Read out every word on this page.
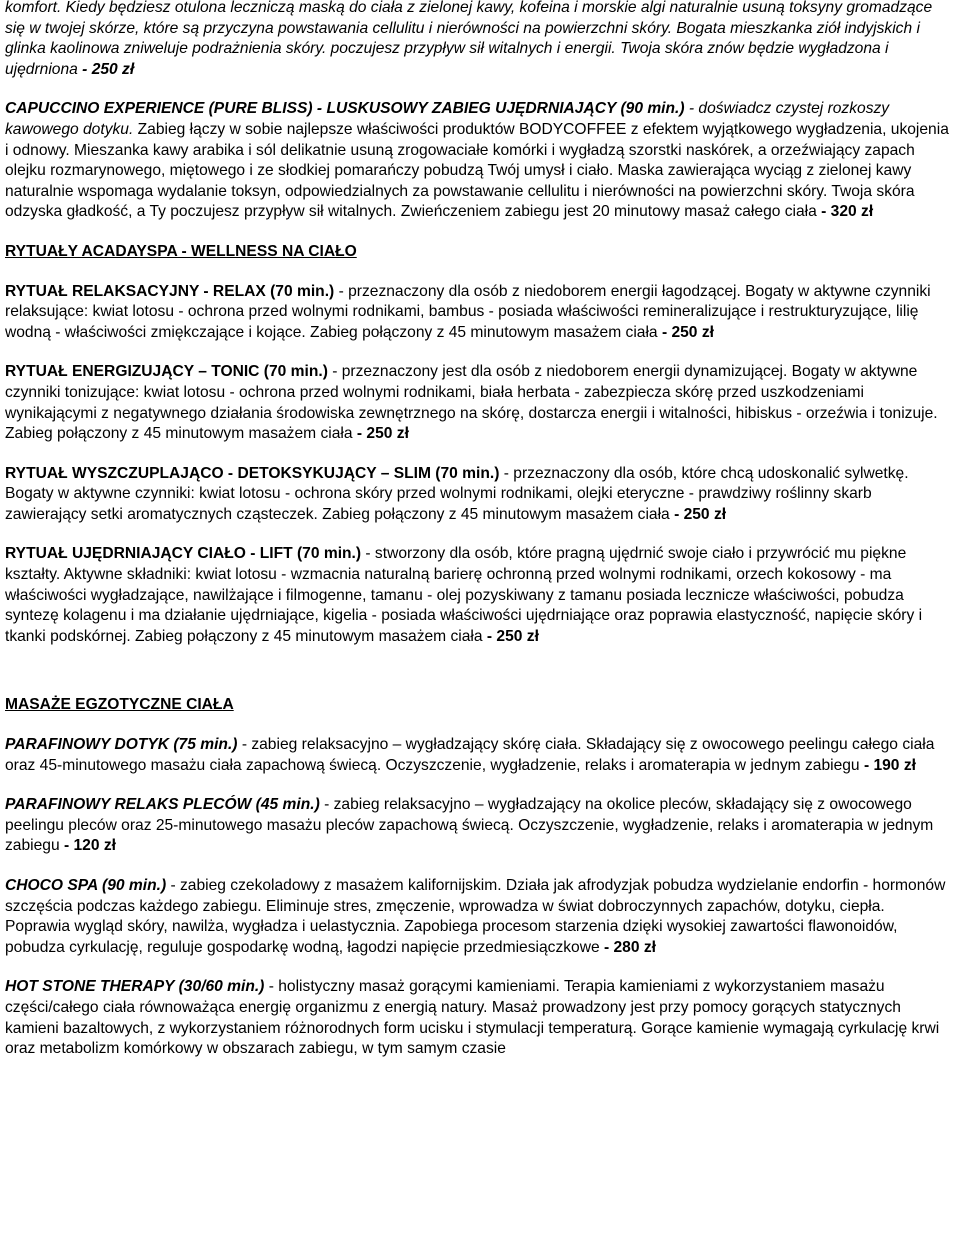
komfort. Kiedy będziesz otulona leczniczą maską do ciała z zielonej kawy, kofeina i morskie algi naturalnie usuną toksyny gromadzące się w twojej skórze, które są przyczyna powstawania cellulitu i nierówności na powierzchni skóry. Bogata mieszkanka ziół indyjskich i glinka kaolinowa zniweluje podrażnienia skóry. poczujesz przypływ sił witalnych i energii. Twoja skóra znów będzie wygładzona i ujędrniona - 250 zł

CAPUCCINO EXPERIENCE (PURE BLISS) - LUSKUSOWY ZABIEG UJĘDRNIAJĄCY (90 min.) - doświadcz czystej rozkoszy kawowego dotyku. Zabieg łączy w sobie najlepsze właściwości produktów BODYCOFFEE z efektem wyjątkowego wygładzenia, ukojenia i odnowy. Mieszanka kawy arabika i sól delikatnie usuną zrogowaciałe komórki i wygładzą szorstki naskórek, a orzeźwiający zapach olejku rozmarynowego, miętowego i ze słodkiej pomarańczy pobudzą Twój umysł i ciało. Maska zawierająca wyciąg z zielonej kawy naturalnie wspomaga wydalanie toksyn, odpowiedzialnych za powstawanie cellulitu i nierówności na powierzchni skóry. Twoja skóra odzyska gładkość, a Ty poczujesz przypływ sił witalnych. Zwieńczeniem zabiegu jest 20 minutowy masaż całego ciała - 320 zł

RYTUAŁY ACADAYSPA - WELLNESS NA CIAŁO

RYTUAŁ RELAKSACYJNY - RELAX (70 min.) - przeznaczony dla osób z niedoborem energii łagodzącej. Bogaty w aktywne czynniki relaksujące: kwiat lotosu - ochrona przed wolnymi rodnikami, bambus - posiada właściwości remineralizujące i restrukturyzujące, lilię wodną - właściwości zmiękczające i kojące. Zabieg połączony z 45 minutowym masażem ciała - 250 zł

RYTUAŁ ENERGIZUJĄCY – TONIC (70 min.) - przeznaczony jest dla osób z niedoborem energii dynamizującej. Bogaty w aktywne czynniki tonizujące: kwiat lotosu - ochrona przed wolnymi rodnikami, biała herbata - zabezpiecza skórę przed uszkodzeniami wynikającymi z negatywnego działania środowiska zewnętrznego na skórę, dostarcza energii i witalności, hibiskus - orzeźwia i tonizuje. Zabieg połączony z 45 minutowym masażem ciała - 250 zł

RYTUAŁ WYSZCZUPLAJĄCO - DETOKSYKUJĄCY – SLIM (70 min.) - przeznaczony dla osób, które chcą udoskonalić sylwetkę. Bogaty w aktywne czynniki: kwiat lotosu - ochrona skóry przed wolnymi rodnikami, olejki eteryczne - prawdziwy roślinny skarb zawierający setki aromatycznych cząsteczek. Zabieg połączony z 45 minutowym masażem ciała - 250 zł

RYTUAŁ UJĘDRNIAJĄCY CIAŁO - LIFT (70 min.) - stworzony dla osób, które pragną ujędrnić swoje ciało i przywrócić mu piękne kształty. Aktywne składniki: kwiat lotosu - wzmacnia naturalną barierę ochronną przed wolnymi rodnikami, orzech kokosowy - ma właściwości wygładzające, nawilżające i filmogenne, tamanu - olej pozyskiwany z tamanu posiada lecznicze właściwości, pobudza syntezę kolagenu i ma działanie ujędrniające, kigelia - posiada właściwości ujędrniające oraz poprawia elastyczność, napięcie skóry i tkanki podskórnej. Zabieg połączony z 45 minutowym masażem ciała - 250 zł

MASAŻE EGZOTYCZNE CIAŁA

PARAFINOWY DOTYK (75 min.) - zabieg relaksacyjno – wygładzający skórę ciała. Składający się z owocowego peelingu całego ciała oraz 45-minutowego masażu ciała zapachową świecą. Oczyszczenie, wygładzenie, relaks i aromaterapia w jednym zabiegu - 190 zł

PARAFINOWY RELAKS PLECÓW (45 min.) - zabieg relaksacyjno – wygładzający na okolice pleców, składający się z owocowego peelingu pleców oraz 25-minutowego masażu pleców zapachową świecą. Oczyszczenie, wygładzenie, relaks i aromaterapia w jednym zabiegu - 120 zł

CHOCO SPA (90 min.) - zabieg czekoladowy z masażem kalifornijskim. Działa jak afrodyzjak pobudza wydzielanie endorfin - hormonów szczęścia podczas każdego zabiegu. Eliminuje stres, zmęczenie, wprowadza w świat dobroczynnych zapachów, dotyku, ciepła. Poprawia wygląd skóry, nawilża, wygładza i uelastycznia. Zapobiega procesom starzenia dzięki wysokiej zawartości flawonoidów, pobudza cyrkulację, reguluje gospodarkę wodną, łagodzi napięcie przedmiesiączkowe - 280 zł

HOT STONE THERAPY (30/60 min.) - holistyczny masaż gorącymi kamieniami. Terapia kamieniami z wykorzystaniem masażu części/całego ciała równoważąca energię organizmu z energią natury. Masaż prowadzony jest przy pomocy gorących statycznych kamieni bazaltowych, z wykorzystaniem różnorodnych form ucisku i stymulacji temperaturą. Gorące kamienie wymagają cyrkulację krwi oraz metabolizm komórkowy w obszarach zabiegu, w tym samym czasie
